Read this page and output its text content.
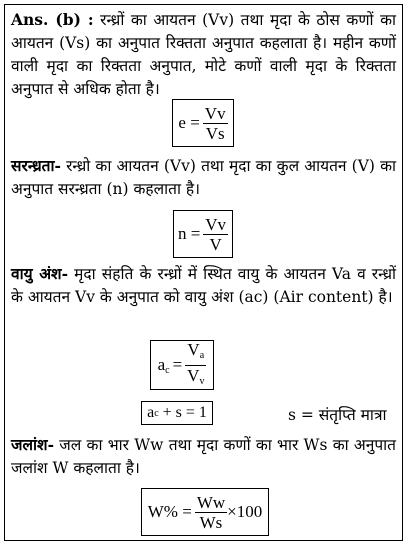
Ans. (b) : रन्ध्रों का आयतन (Vv) तथा मृदा के ठोस कणों का आयतन (Vs) का अनुपात रिक्तता अनुपात कहलाता है। महीन कणों वाली मृदा का रिक्तता अनुपात, मोटे कणों वाली मृदा के रिक्तता अनुपात से अधिक होता है।
$e = \frac{Vv}{Vs}$
सरन्ध्रता- रन्ध्रो का आयतन (Vv) तथा मृदा का कुल आयतन (V) का अनुपात सरन्ध्रता (n) कहलाता है।
$n = \frac{Vv}{V}$
वायु अंश- मृदा संहति के रन्ध्रों में स्थित वायु के आयतन Va व रन्ध्रों के आयतन Vv के अनुपात को वायु अंश (ac) (Air content) है।
$a_c = \frac{V_a}{V_v}$
a c + s = 1	s = संतृप्ति मात्रा
जलांश- जल का भार Ww तथा मृदा कणों का भार Ws का अनुपात जलांश W कहलाता है।
$W\% = \frac{Ww}{Ws} \times 100$
